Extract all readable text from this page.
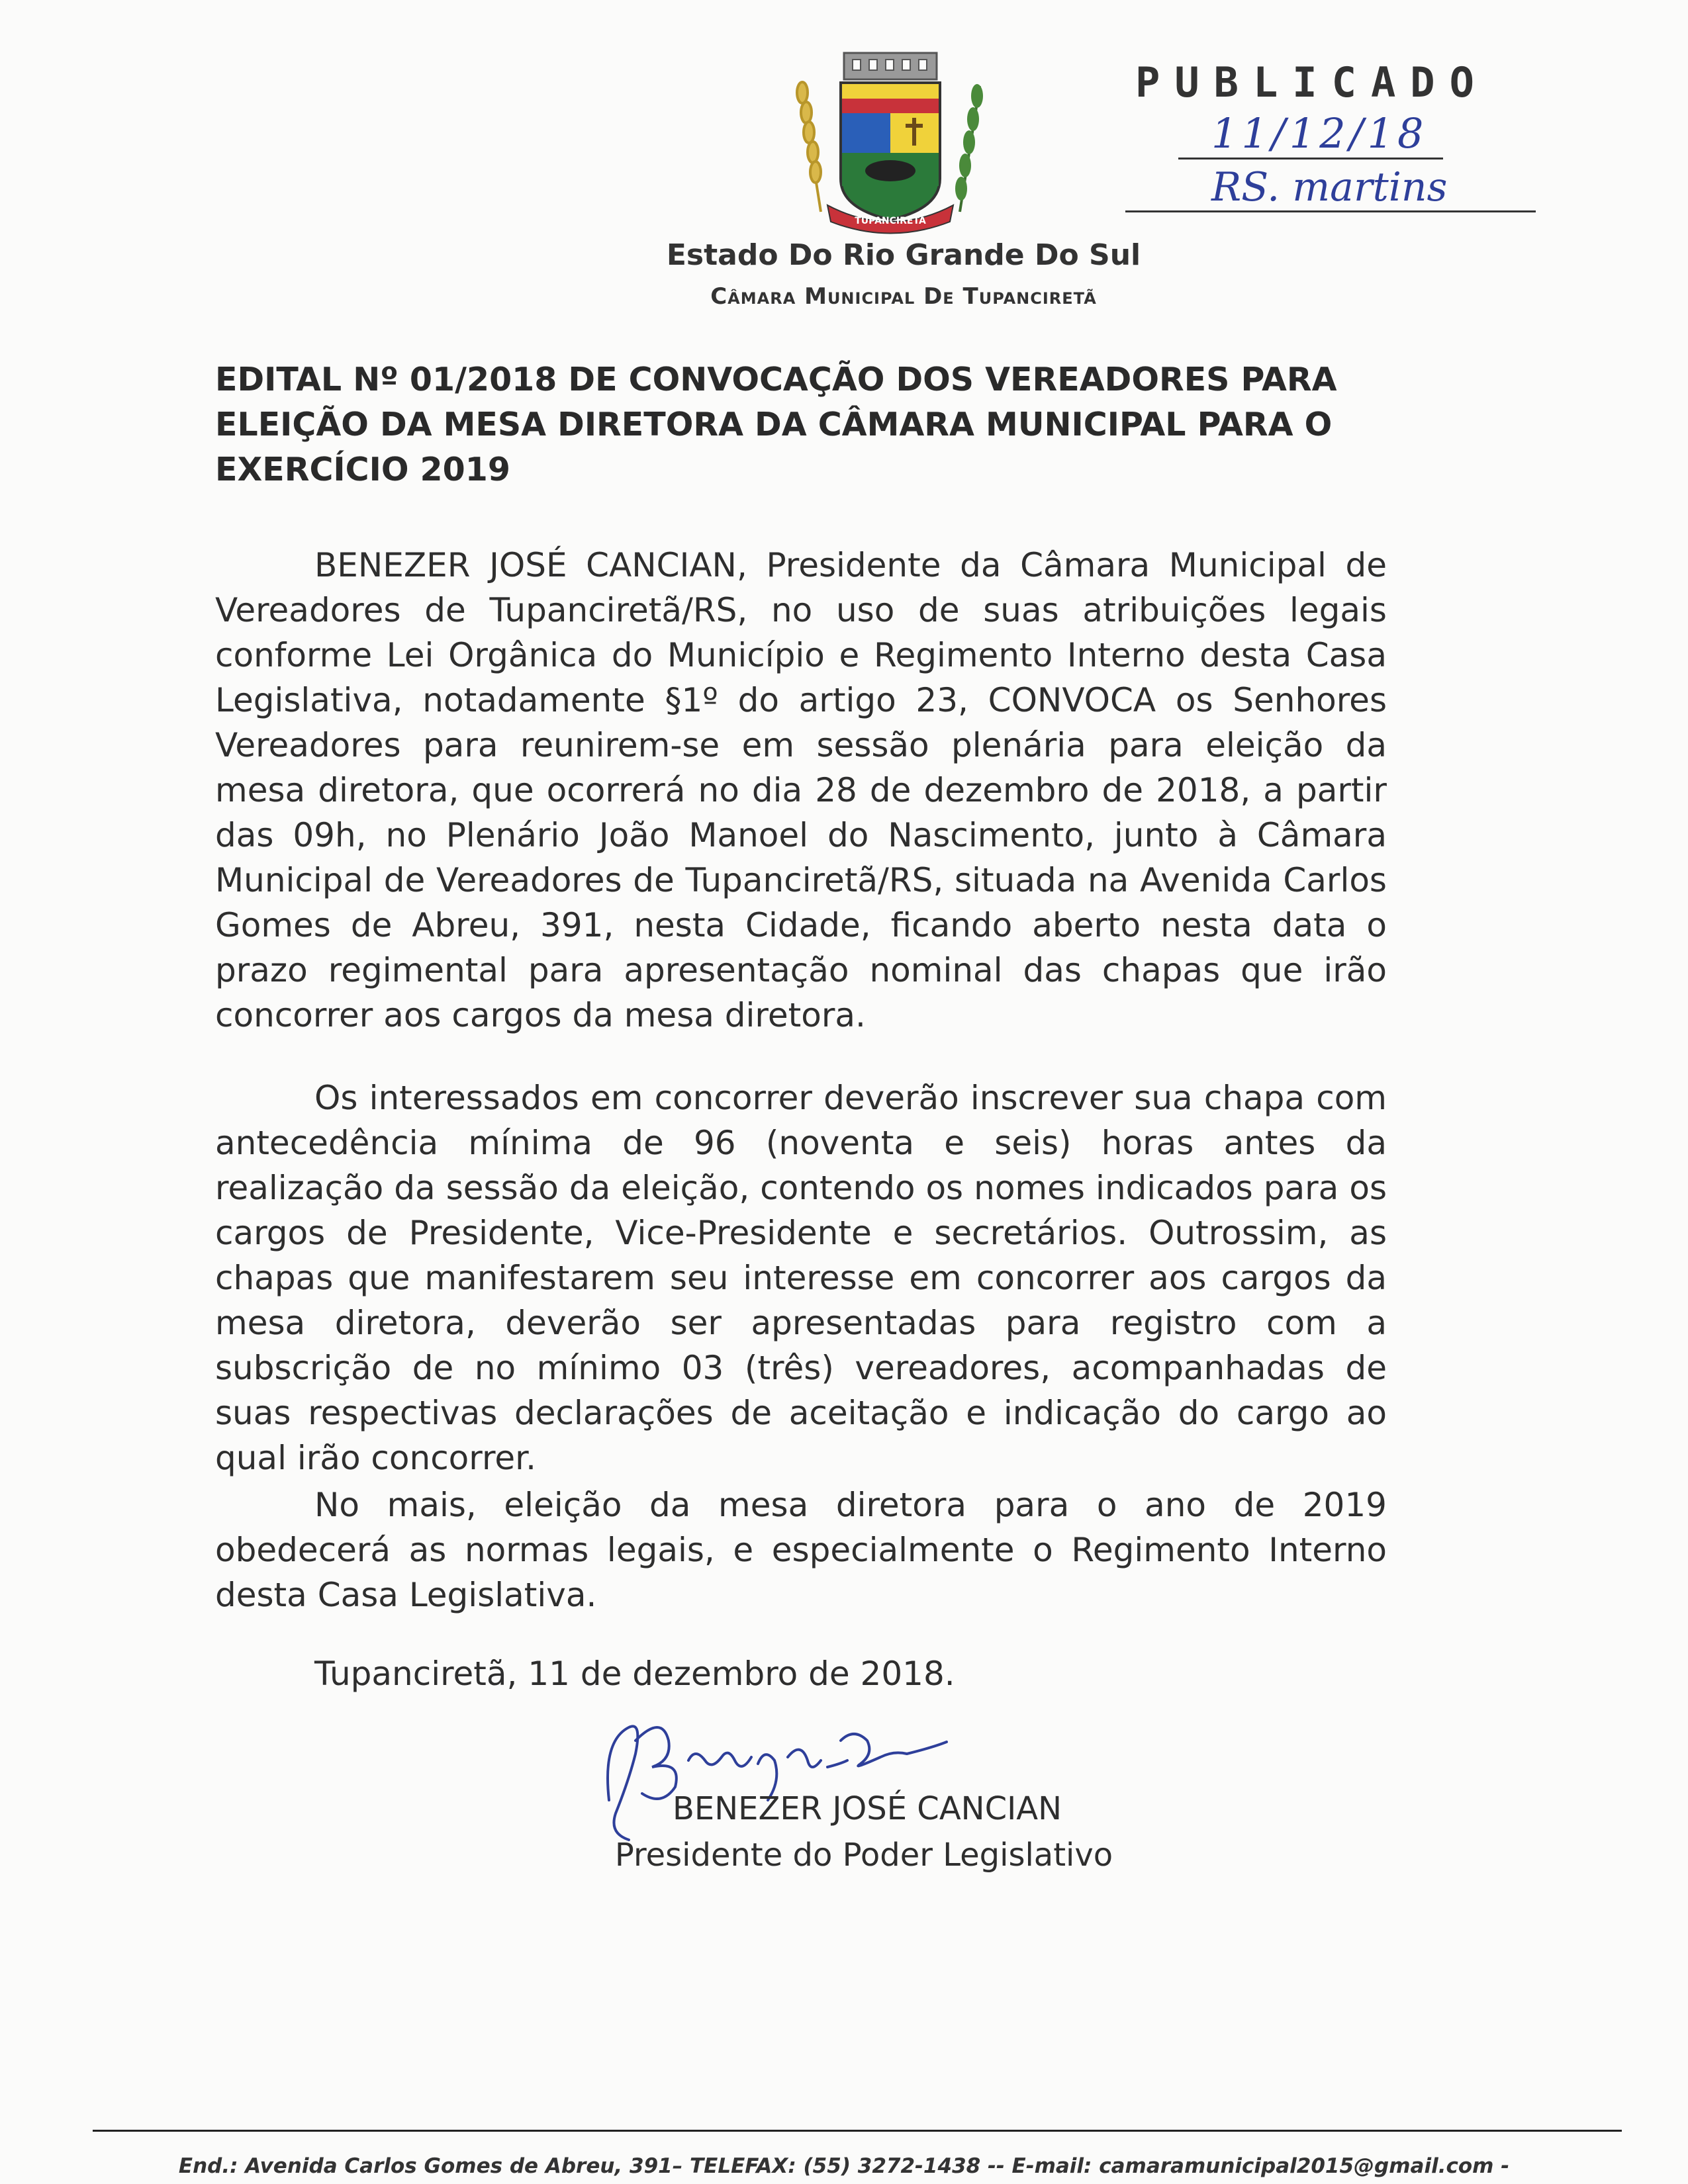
TUPANCIRETÃ
Estado Do Rio Grande Do Sul
Câmara Municipal De Tupanciretã
PUBLICADO
11/12/18
RS. martins
EDITAL Nº 01/2018 DE CONVOCAÇÃO DOS VEREADORES PARA
ELEIÇÃO DA MESA DIRETORA DA CÂMARA MUNICIPAL PARA O
EXERCÍCIO 2019
BENEZER JOSÉ CANCIAN, Presidente da Câmara Municipal de Vereadores de Tupanciretã/RS, no uso de suas atribuições legais conforme Lei Orgânica do Município e Regimento Interno desta Casa Legislativa, notadamente §1º do artigo 23, CONVOCA os Senhores Vereadores para reunirem-se em sessão plenária para eleição da mesa diretora, que ocorrerá no dia 28 de dezembro de 2018, a partir das 09h, no Plenário João Manoel do Nascimento, junto à Câmara Municipal de Vereadores de Tupanciretã/RS, situada na Avenida Carlos Gomes de Abreu, 391, nesta Cidade, ficando aberto nesta data o prazo regimental para apresentação nominal das chapas que irão concorrer aos cargos da mesa diretora.
Os interessados em concorrer deverão inscrever sua chapa com antecedência mínima de 96 (noventa e seis) horas antes da realização da sessão da eleição, contendo os nomes indicados para os cargos de Presidente, Vice-Presidente e secretários. Outrossim, as chapas que manifestarem seu interesse em concorrer aos cargos da mesa diretora, deverão ser apresentadas para registro com a subscrição de no mínimo 03 (três) vereadores, acompanhadas de suas respectivas declarações de aceitação e indicação do cargo ao qual irão concorrer.
No mais, eleição da mesa diretora para o ano de 2019 obedecerá as normas legais, e especialmente o Regimento Interno desta Casa Legislativa.
Tupanciretã, 11 de dezembro de 2018.
BENEZER JOSÉ CANCIAN
Presidente do Poder Legislativo
End.: Avenida Carlos Gomes de Abreu, 391– TELEFAX: (55) 3272-1438 -- E-mail: camaramunicipal2015@gmail.com -
